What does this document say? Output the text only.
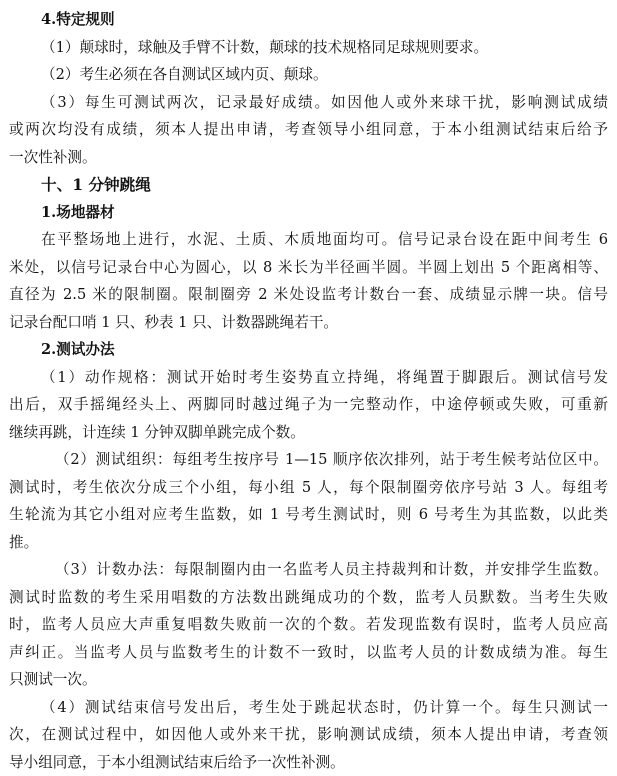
4.特定规则
（1）颠球时，球触及手臂不计数，颠球的技术规格同足球规则要求。
（2）考生必须在各自测试区域内页、颠球。
（3）每生可测试两次，记录最好成绩。如因他人或外来球干扰，影响测试成绩
或两次均没有成绩，须本人提出申请，考查领导小组同意，于本小组测试结束后给予
一次性补测。
十、1 分钟跳绳
1.场地器材
在平整场地上进行，水泥、土质、木质地面均可。信号记录台设在距中间考生 6
米处，以信号记录台中心为圆心，以 8 米长为半径画半圆。半圆上划出 5 个距离相等、
直径为 2.5 米的限制圈。限制圈旁 2 米处设监考计数台一套、成绩显示牌一块。信号
记录台配口哨 1 只、秒表 1 只、计数器跳绳若干。
2.测试办法
（1）动作规格：测试开始时考生姿势直立持绳，将绳置于脚跟后。测试信号发
出后，双手摇绳经头上、两脚同时越过绳子为一完整动作，中途停顿或失败，可重新
继续再跳，计连续 1 分钟双脚单跳完成个数。
（2）测试组织：每组考生按序号 1—15 顺序依次排列，站于考生候考站位区中。
测试时，考生依次分成三个小组，每小组 5 人，每个限制圈旁依序号站 3 人。每组考
生轮流为其它小组对应考生监数，如 1 号考生测试时，则 6 号考生为其监数，以此类
推。
（3）计数办法：每限制圈内由一名监考人员主持裁判和计数，并安排学生监数。
测试时监数的考生采用唱数的方法数出跳绳成功的个数，监考人员默数。当考生失败
时，监考人员应大声重复唱数失败前一次的个数。若发现监数有误时，监考人员应高
声纠正。当监考人员与监数考生的计数不一致时，以监考人员的计数成绩为准。每生
只测试一次。
（4）测试结束信号发出后，考生处于跳起状态时，仍计算一个。每生只测试一
次，在测试过程中，如因他人或外来干扰，影响测试成绩，须本人提出申请，考查领
导小组同意，于本小组测试结束后给予一次性补测。
